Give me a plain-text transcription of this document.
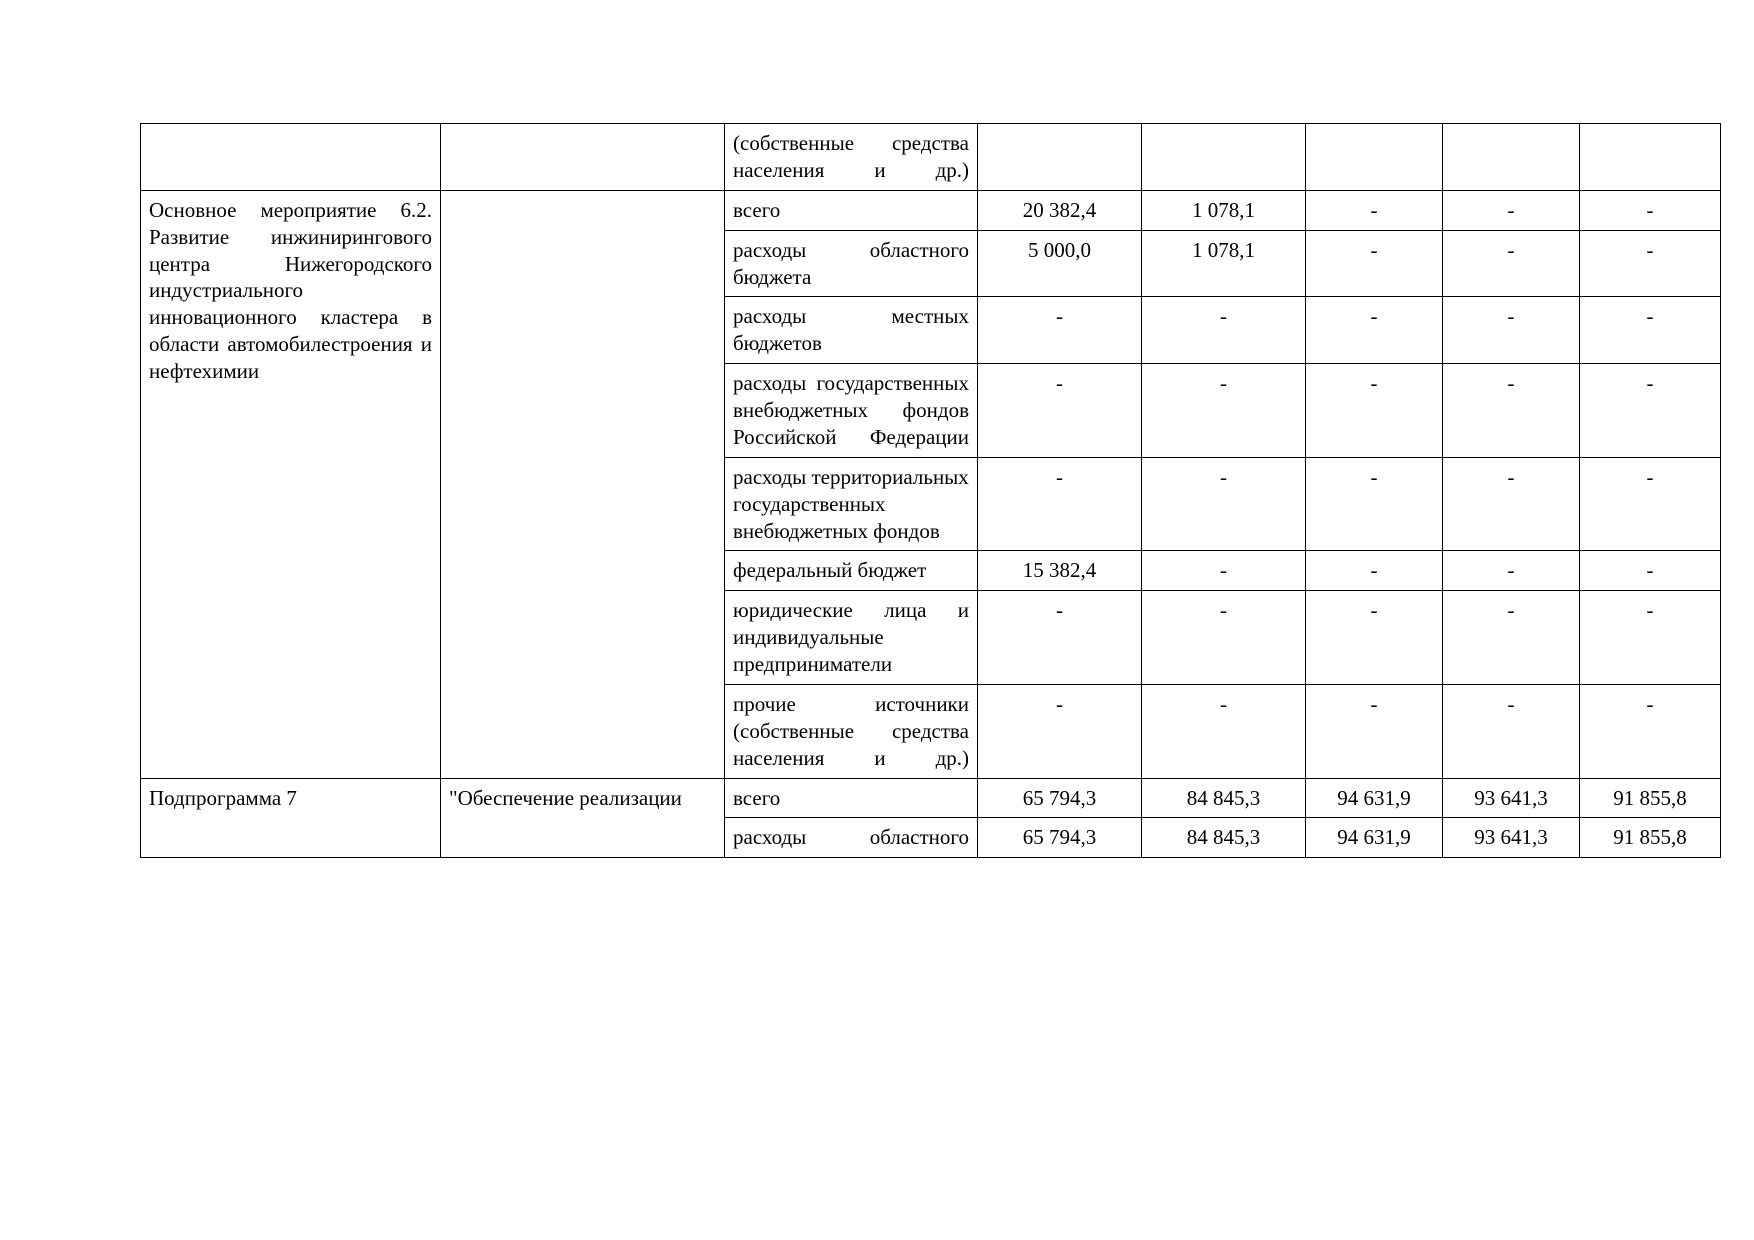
		(собственные средства населения и др.)					

Основное мероприятие 6.2. Развитие инжинирингового центра Нижегородского индустриального инновационного кластера в области автомобилестроения и нефтехимии		всего	20 382,4	1 078,1	-	-	-
		расходы областного бюджета	5 000,0	1 078,1	-	-	-
		расходы местных бюджетов	-	-	-	-	-

		расходы государственных внебюджетных фондов Российской Федерации	-	-	-	-	-

		расходы территориальных государственных внебюджетных фондов	-	-	-	-	-

		федеральный бюджет	15 382,4	-	-	-	-

		юридические лица и индивидуальные предприниматели	-	-	-	-	-

		прочие источники (собственные средства населения и др.)	-	-	-	-	-

Подпрограмма 7	"Обеспечение реализации	всего	65 794,3	84 845,3	94 631,9	93 641,3	91 855,8

		расходы областного	65 794,3	84 845,3	94 631,9	93 641,3	91 855,8
